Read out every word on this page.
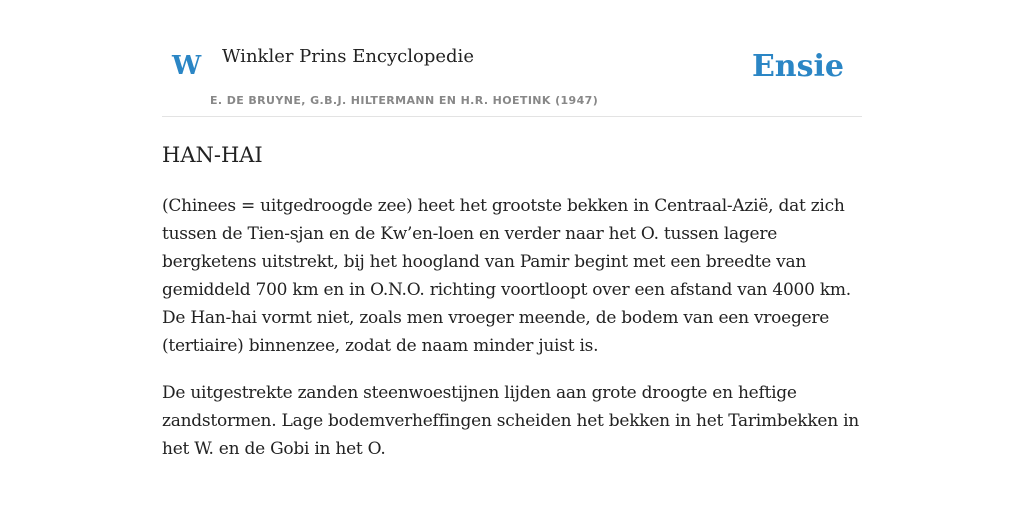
W Winkler Prins Encyclopedie
E. DE BRUYNE, G.B.J. HILTERMANN EN H.R. HOETINK (1947)
Ensie
HAN-HAI

(Chinees = uitgedroogde zee) heet het grootste bekken in Centraal-Azië, dat zich tussen de Tien-sjan en de Kw’en-loen en verder naar het O. tussen lagere bergketens uitstrekt, bij het hoogland van Pamir begint met een breedte van gemiddeld 700 km en in O.N.O. richting voortloopt over een afstand van 4000 km. De Han-hai vormt niet, zoals men vroeger meende, de bodem van een vroegere (tertiaire) binnenzee, zodat de naam minder juist is.

De uitgestrekte zanden steenwoestijnen lijden aan grote droogte en heftige zandstormen. Lage bodemverheffingen scheiden het bekken in het Tarimbekken in het W. en de Gobi in het O.
